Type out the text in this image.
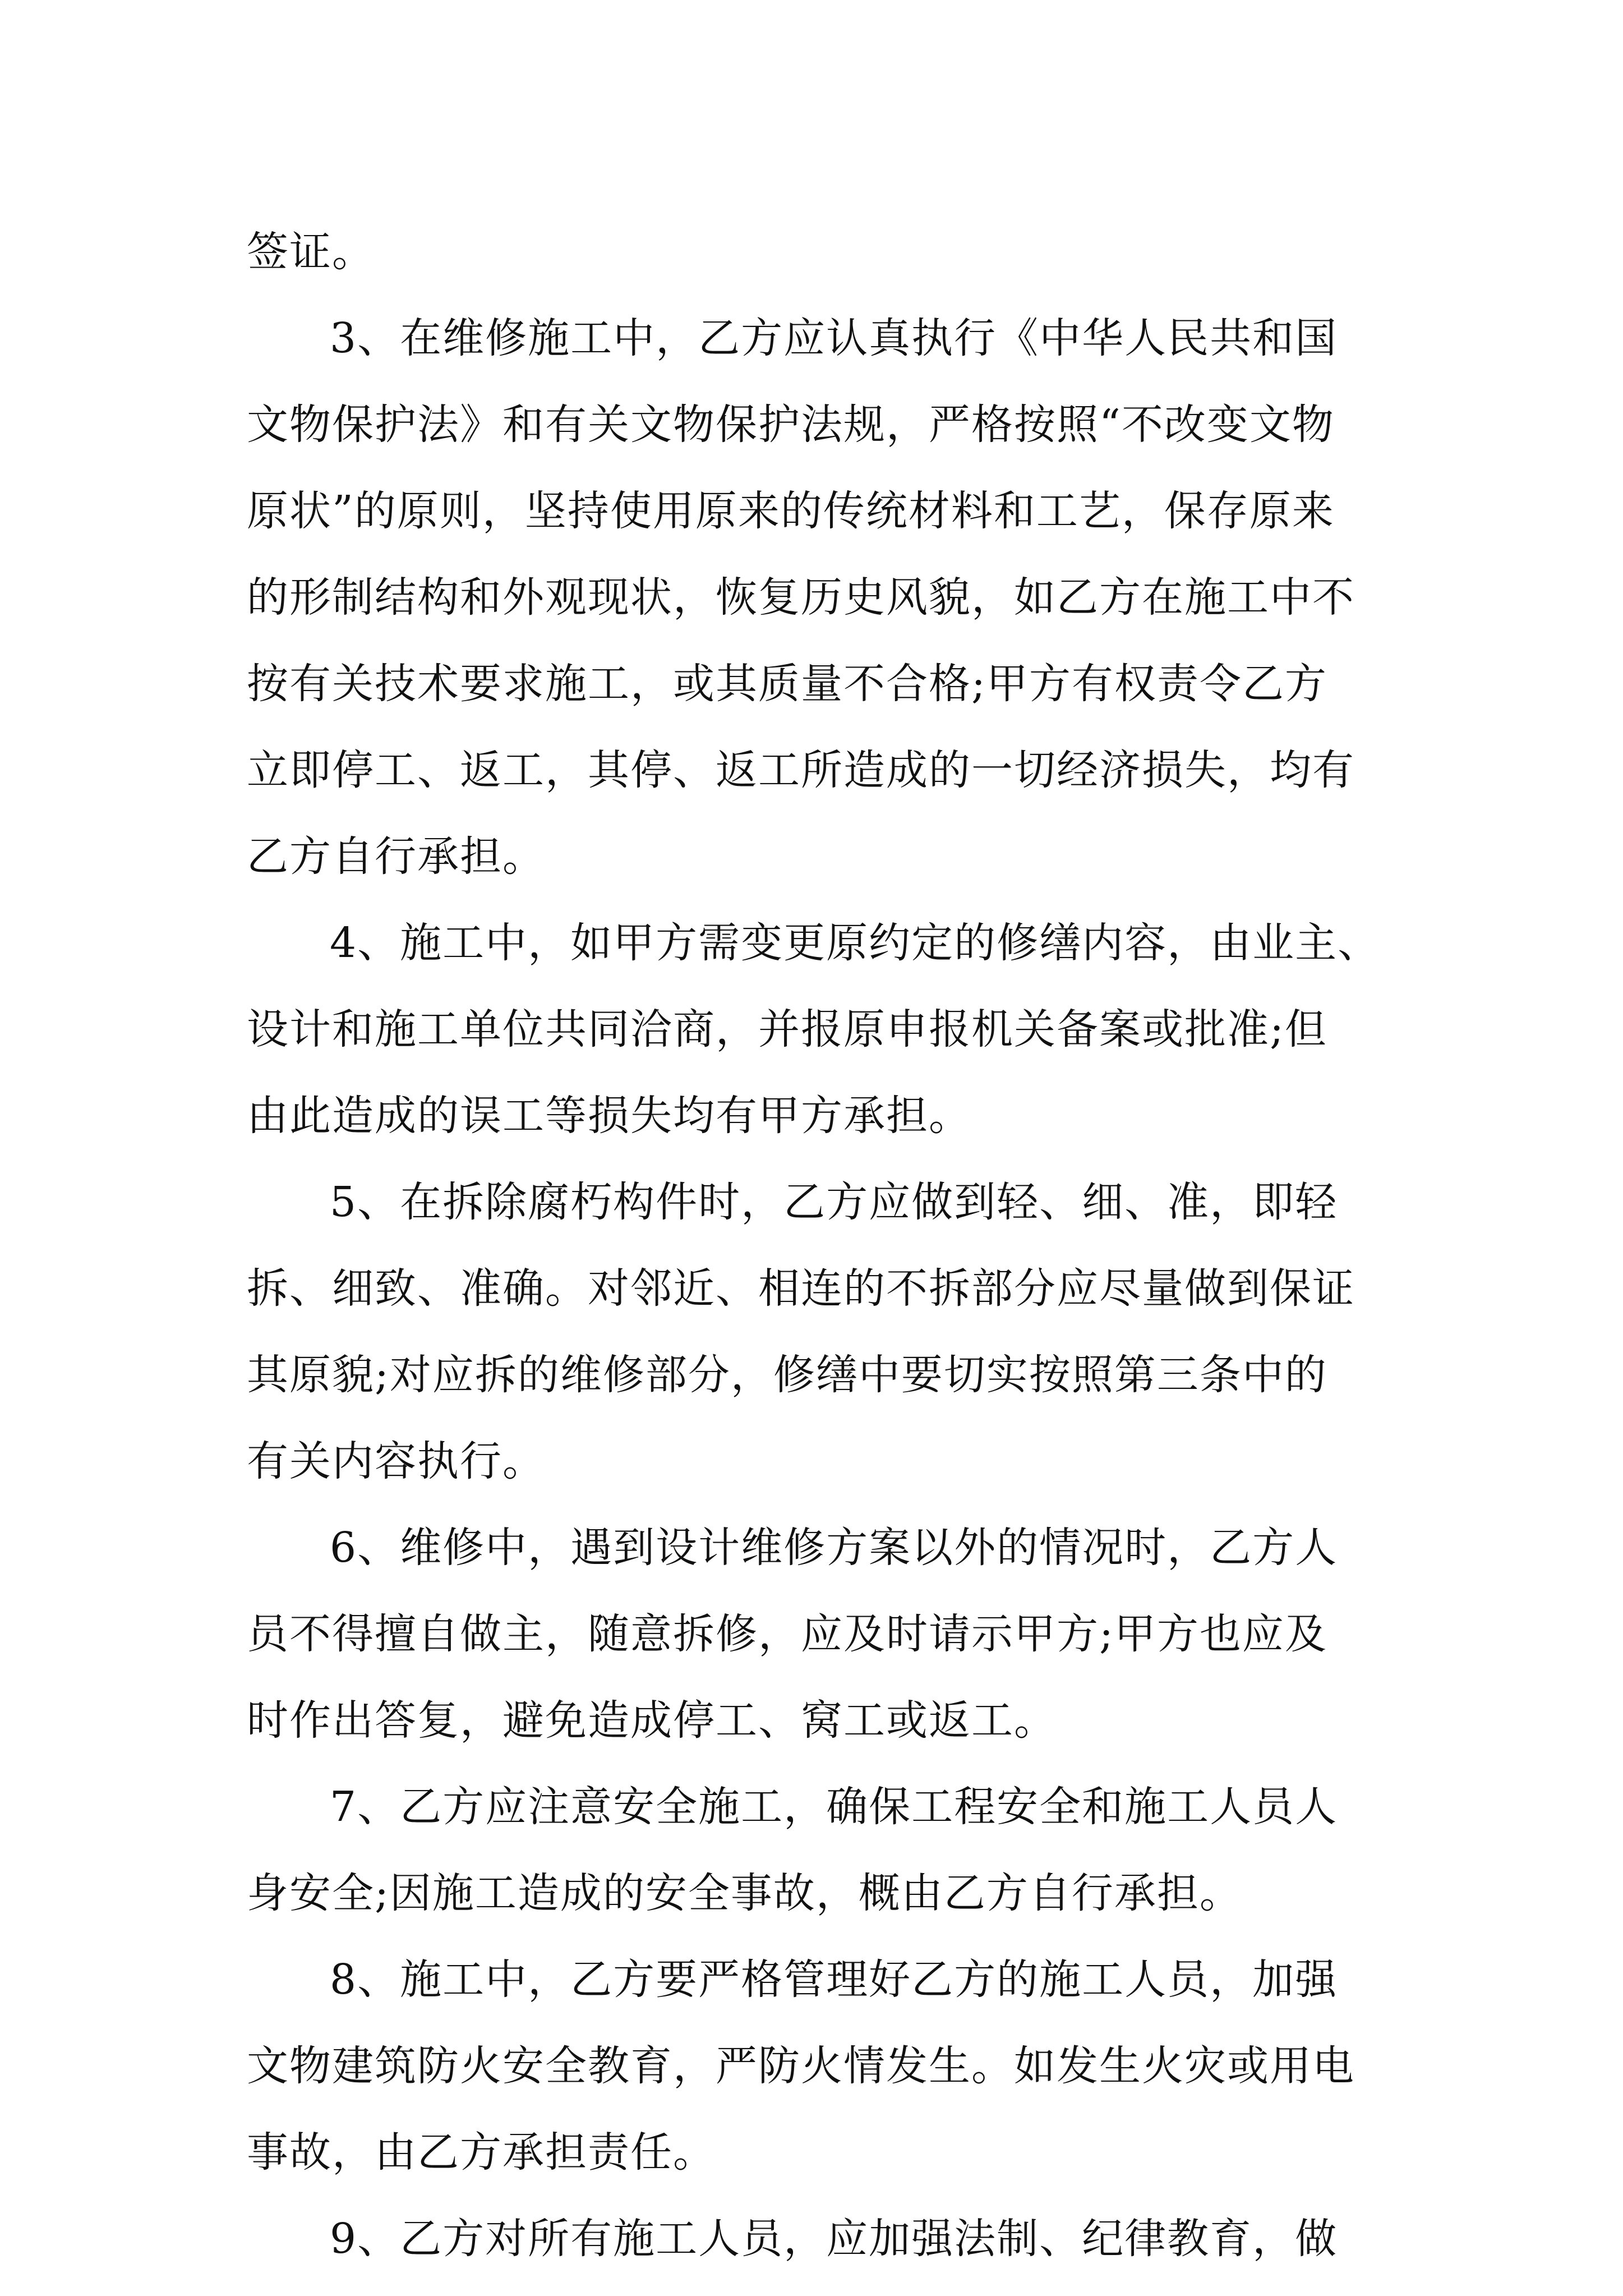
签证。

3、在维修施工中，乙方应认真执行《中华人民共和国
文物保护法》和有关文物保护法规，严格按照“不改变文物
原状”的原则，坚持使用原来的传统材料和工艺，保存原来
的形制结构和外观现状，恢复历史风貌，如乙方在施工中不
按有关技术要求施工，或其质量不合格;甲方有权责令乙方
立即停工、返工，其停、返工所造成的一切经济损失，均有
乙方自行承担。

4、施工中，如甲方需变更原约定的修缮内容，由业主、
设计和施工单位共同洽商，并报原申报机关备案或批准;但
由此造成的误工等损失均有甲方承担。

5、在拆除腐朽构件时，乙方应做到轻、细、准，即轻
拆、细致、准确。对邻近、相连的不拆部分应尽量做到保证
其原貌;对应拆的维修部分，修缮中要切实按照第三条中的
有关内容执行。

6、维修中，遇到设计维修方案以外的情况时，乙方人
员不得擅自做主，随意拆修，应及时请示甲方;甲方也应及
时作出答复，避免造成停工、窝工或返工。

7、乙方应注意安全施工，确保工程安全和施工人员人
身安全;因施工造成的安全事故，概由乙方自行承担。

8、施工中，乙方要严格管理好乙方的施工人员，加强
文物建筑防火安全教育，严防火情发生。如发生火灾或用电
事故，由乙方承担责任。

9、乙方对所有施工人员，应加强法制、纪律教育，做
